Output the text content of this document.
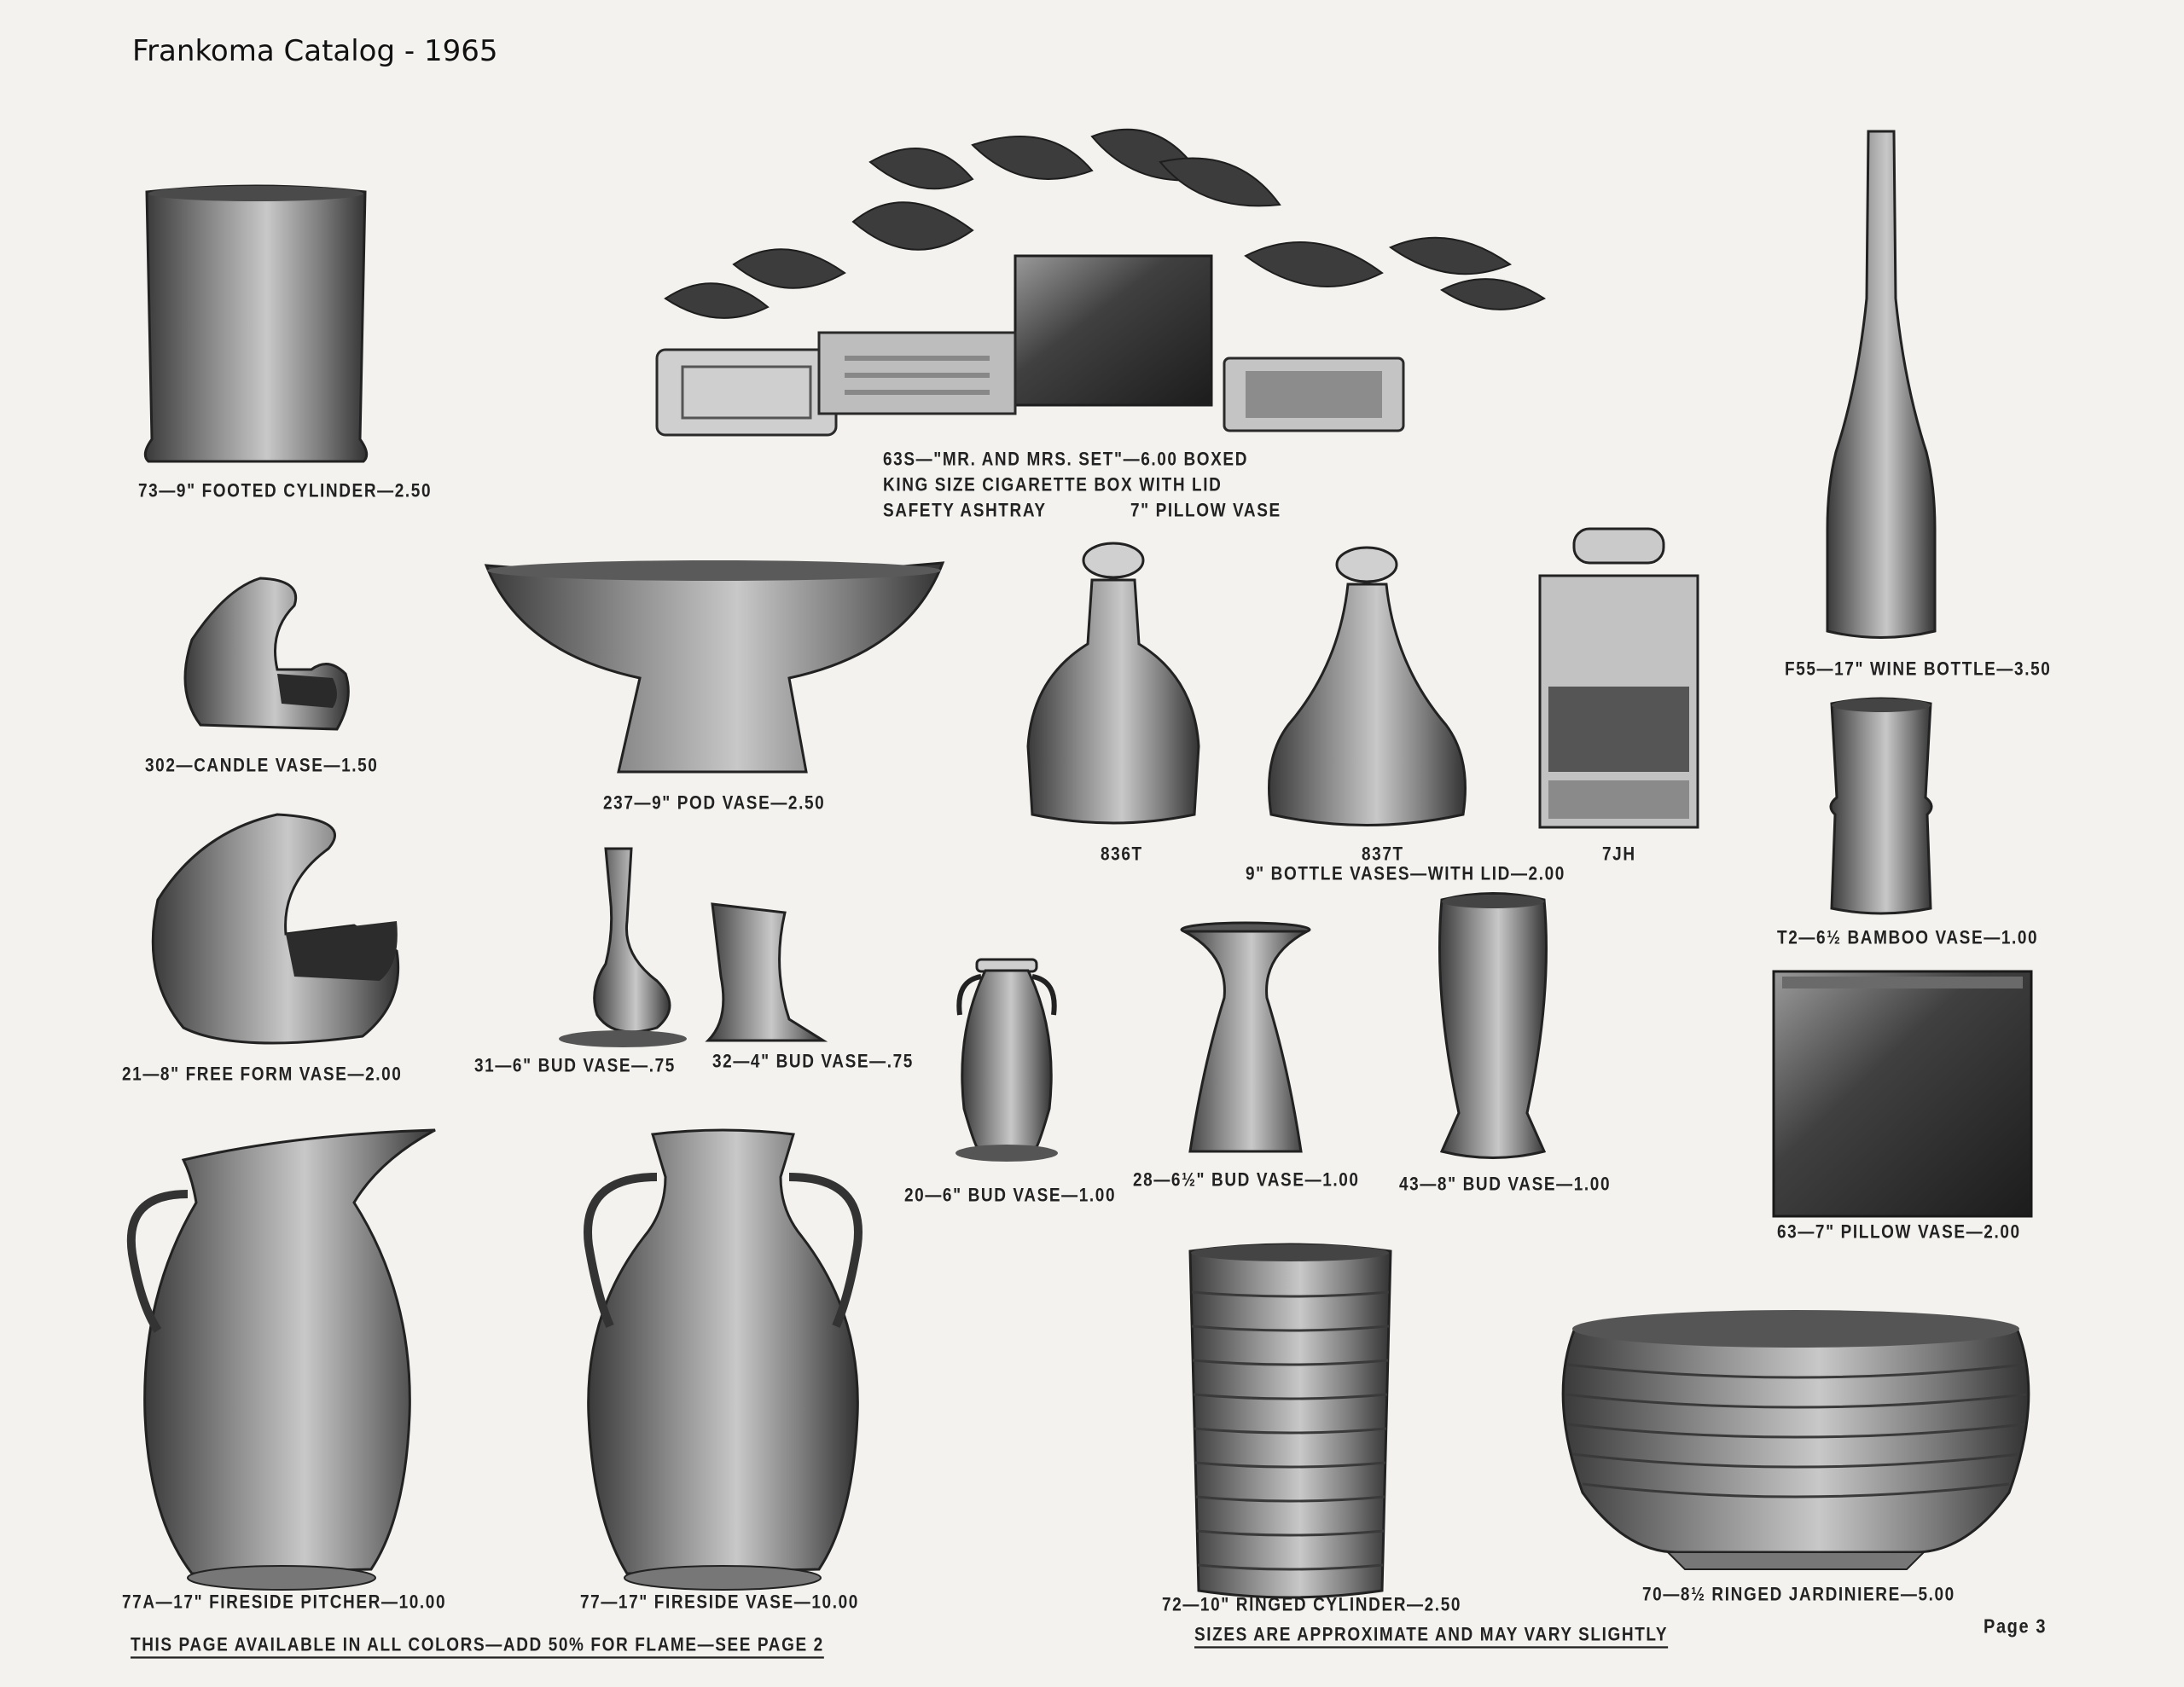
Frankoma Catalog - 1965
73—9" FOOTED CYLINDER—2.50
63S—"MR. AND MRS. SET"—6.00 BOXED
KING SIZE CIGARETTE BOX WITH LID
SAFETY ASHTRAY	7" PILLOW VASE
F55—17" WINE BOTTLE—3.50
302—CANDLE VASE—1.50
237—9" POD VASE—2.50
836T	837T
9" BOTTLE VASES—WITH LID—2.00
7JH
T2—6½ BAMBOO VASE—1.00
21—8" FREE FORM VASE—2.00	31—6" BUD VASE—.75 32—4" BUD VASE—.75
20—6" BUD VASE—1.00
28—6½" BUD VASE—1.00 43—8" BUD VASE—1.00
63—7" PILLOW VASE—2.00
77A—17" FIRESIDE PITCHER—10.00	77—17" FIRESIDE VASE—10.00	72—10" RINGED CYLINDER—2.50	70—8½ RINGED JARDINIERE—5.00
THIS PAGE AVAILABLE IN ALL COLORS—ADD 50% FOR FLAME—SEE PAGE 2	SIZES ARE APPROXIMATE AND MAY VARY SLIGHTLY	Page 3
